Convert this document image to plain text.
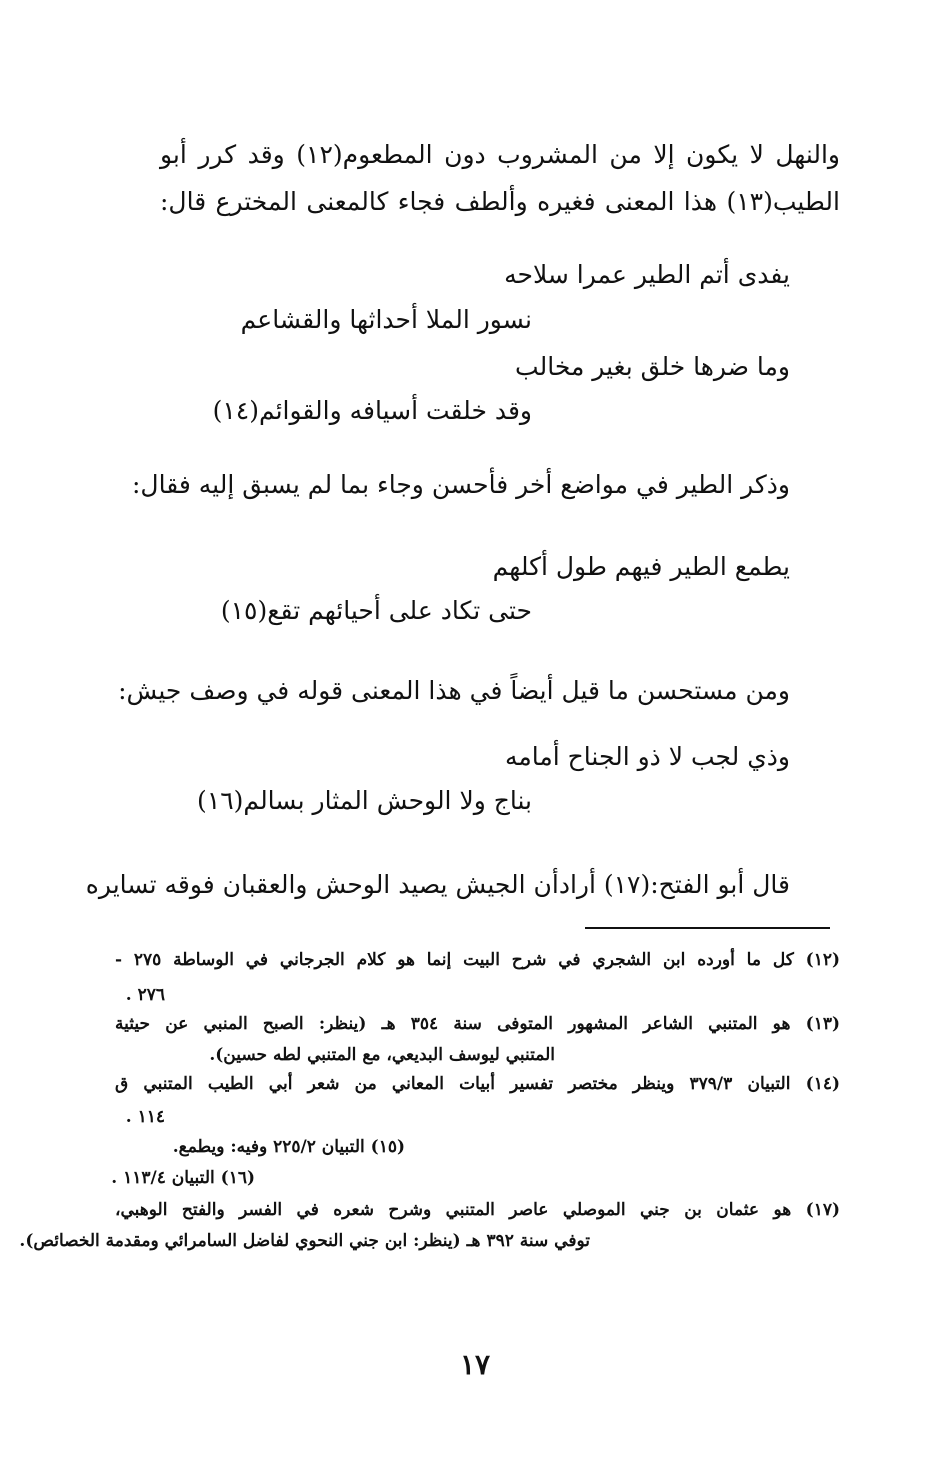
والنهل لا يكون إلا من المشروب دون المطعوم(١٢) وقد كرر أبو
الطيب(١٣) هذا المعنى فغيره وألطف فجاء كالمعنى المخترع قال:
يفدى أتم الطير عمرا سلاحه
نسور الملا أحداثها والقشاعم
وما ضرها خلق بغير مخالب
وقد خلقت أسيافه والقوائم(١٤)
وذكر الطير في مواضع أخر فأحسن وجاء بما لم يسبق إليه فقال:
يطمع الطير فيهم طول أكلهم
حتى تكاد على أحيائهم تقع(١٥)
ومن مستحسن ما قيل أيضاً في هذا المعنى قوله في وصف جيش:
وذي لجب لا ذو الجناح أمامه
بناج ولا الوحش المثار بسالم(١٦)
قال أبو الفتح:(١٧) أرادأن الجيش يصيد الوحش والعقبان فوقه تسايره
(١٢) كل ما أورده ابن الشجري في شرح البيت إنما هو كلام الجرجاني في الوساطة ٢٧٥ -
٢٧٦ .
(١٣) هو المتنبي الشاعر المشهور المتوفى سنة ٣٥٤ هـ (ينظر: الصبح المنبي عن حيثية
المتنبي ليوسف البديعي، مع المتنبي لطه حسين).
(١٤) التبيان ٣٧٩/٣ وينظر مختصر تفسير أبيات المعاني من شعر أبي الطيب المتنبي ق
١١٤ .
(١٥) التبيان ٢٢٥/٢ وفيه: ويطمع.
(١٦) التبيان ١١٣/٤ .
(١٧) هو عثمان بن جني الموصلي عاصر المتنبي وشرح شعره في الفسر والفتح الوهبي،
توفي سنة ٣٩٢ هـ (ينظر: ابن جني النحوي لفاضل السامرائي ومقدمة الخصائص).
١٧
